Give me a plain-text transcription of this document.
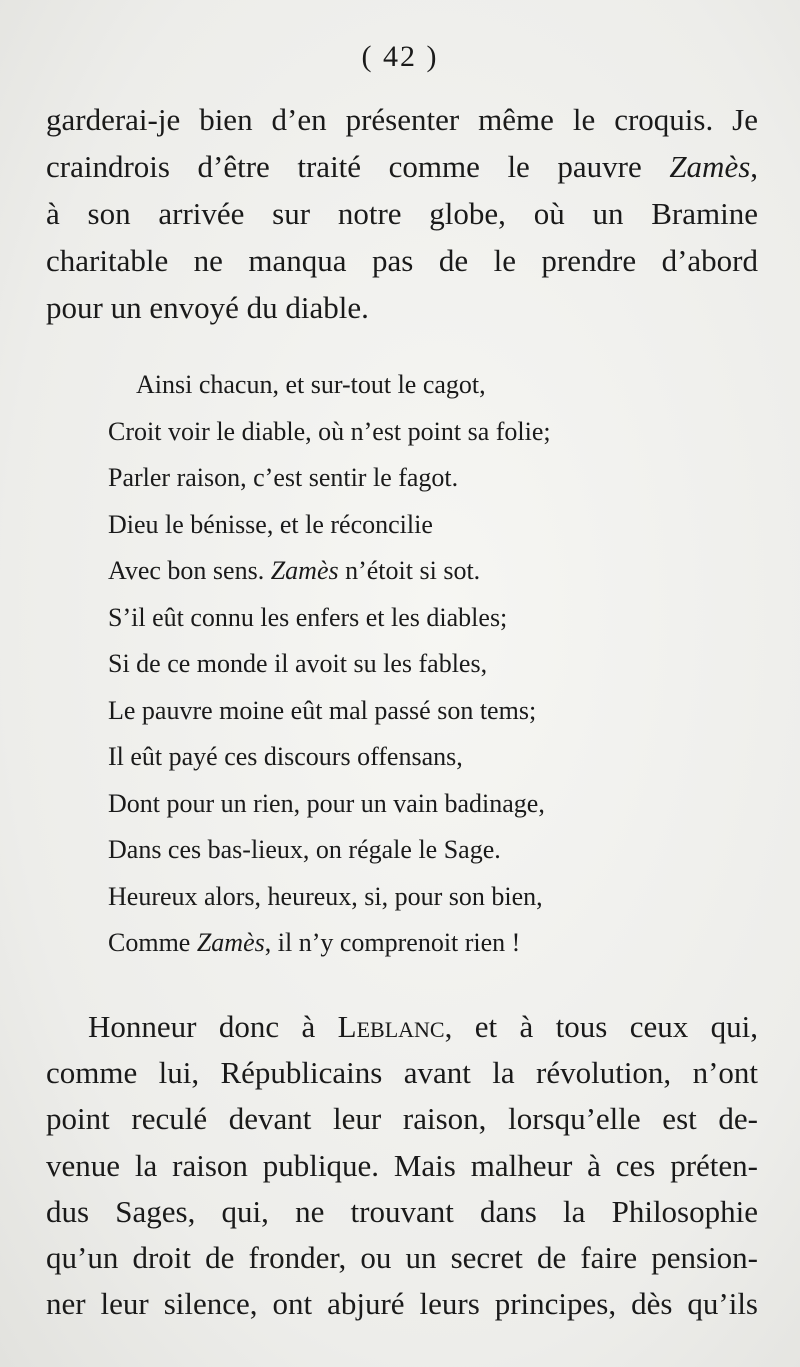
( 42 )
garderai-je bien d’en présenter même le croquis. Je
craindrois d’être traité comme le pauvre Zamès,
à son arrivée sur notre globe, où un Bramine
charitable ne manqua pas de le prendre d’abord
pour un envoyé du diable.
Ainsi chacun, et sur-tout le cagot,
Croit voir le diable, où n’est point sa folie;
Parler raison, c’est sentir le fagot.
Dieu le bénisse, et le réconcilie
Avec bon sens. Zamès n’étoit si sot.
S’il eût connu les enfers et les diables;
Si de ce monde il avoit su les fables,
Le pauvre moine eût mal passé son tems;
Il eût payé ces discours offensans,
Dont pour un rien, pour un vain badinage,
Dans ces bas-lieux, on régale le Sage.
Heureux alors, heureux, si, pour son bien,
Comme Zamès, il n’y comprenoit rien !
Honneur donc à Leblanc, et à tous ceux qui,
comme lui, Républicains avant la révolution, n’ont
point reculé devant leur raison, lorsqu’elle est de-
venue la raison publique. Mais malheur à ces préten-
dus Sages, qui, ne trouvant dans la Philosophie
qu’un droit de fronder, ou un secret de faire pension-
ner leur silence, ont abjuré leurs principes, dès qu’ils
